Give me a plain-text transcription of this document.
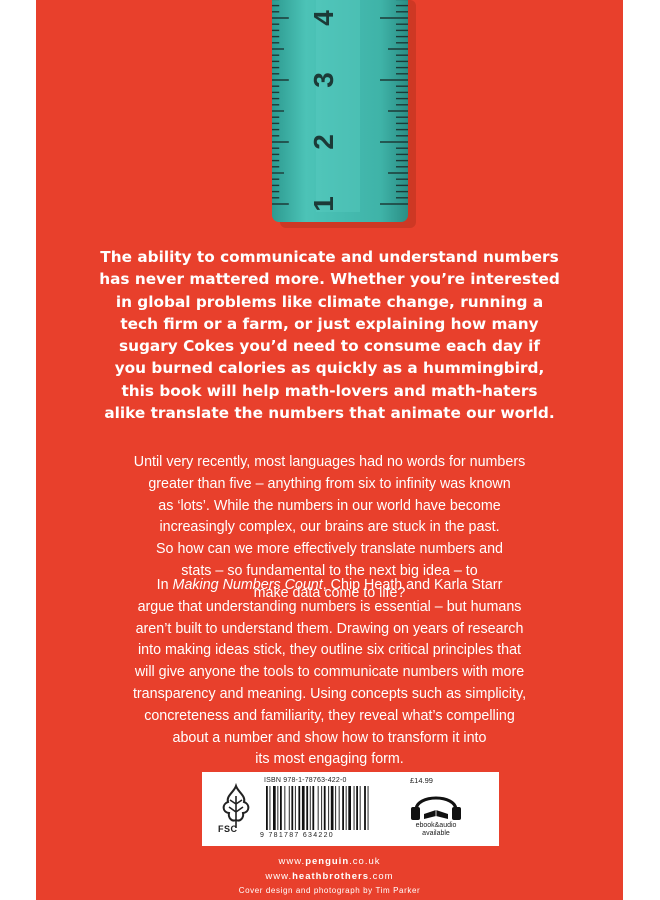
1
2
3
4
The ability to communicate and understand numbers
has never mattered more. Whether you’re interested
in global problems like climate change, running a
tech firm or a farm, or just explaining how many
sugary Cokes you’d need to consume each day if
you burned calories as quickly as a hummingbird,
this book will help math-lovers and math-haters
alike translate the numbers that animate our world.
Until very recently, most languages had no words for numbers
greater than five – anything from six to infinity was known
as ‘lots’. While the numbers in our world have become
increasingly complex, our brains are stuck in the past.
So how can we more effectively translate numbers and
stats – so fundamental to the next big idea – to
make data come to life?
In Making Numbers Count, Chip Heath and Karla Starr
argue that understanding numbers is essential – but humans
aren’t built to understand them. Drawing on years of research
into making ideas stick, they outline six critical principles that
will give anyone the tools to communicate numbers with more
transparency and meaning. Using concepts such as simplicity,
concreteness and familiarity, they reveal what’s compelling
about a number and show how to transform it into
its most engaging form.
FSC
ISBN 978-1-78763-422-0
9 781787 634220
£14.99
ebook&audio
available
www.penguin.co.uk
www.heathbrothers.com
Cover design and photograph by Tim Parker
